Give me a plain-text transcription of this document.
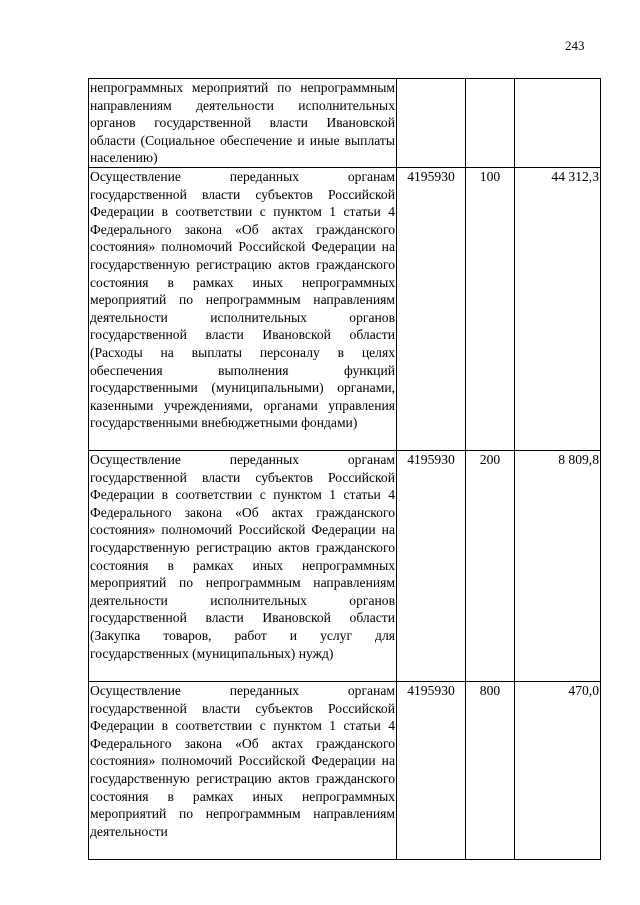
243
непрограммных мероприятий по непрограммным направлениям деятельности исполнительных органов государственной власти Ивановской области (Социальное обеспечение и иные выплаты населению)			
Осуществление переданных органам государственной власти субъектов Российской Федерации в соответствии с пунктом 1 статьи 4 Федерального закона «Об актах гражданского состояния» полномочий Российской Федерации на государственную регистрацию актов гражданского состояния в рамках иных непрограммных мероприятий по непрограммным направлениям деятельности исполнительных органов государственной власти Ивановской области (Расходы на выплаты персоналу в целях обеспечения выполнения функций государственными (муниципальными) органами, казенными учреждениями, органами управления государственными внебюджетными фондами)	4195930	100	44 312,3
Осуществление переданных органам государственной власти субъектов Российской Федерации в соответствии с пунктом 1 статьи 4 Федерального закона «Об актах гражданского состояния» полномочий Российской Федерации на государственную регистрацию актов гражданского состояния в рамках иных непрограммных мероприятий по непрограммным направлениям деятельности исполнительных органов государственной власти Ивановской области (Закупка товаров, работ и услуг для государственных (муниципальных) нужд)	4195930	200	8 809,8
Осуществление переданных органам государственной власти субъектов Российской Федерации в соответствии с пунктом 1 статьи 4 Федерального закона «Об актах гражданского состояния» полномочий Российской Федерации на государственную регистрацию актов гражданского состояния в рамках иных непрограммных мероприятий по непрограммным направлениям деятельности	4195930	800	470,0
